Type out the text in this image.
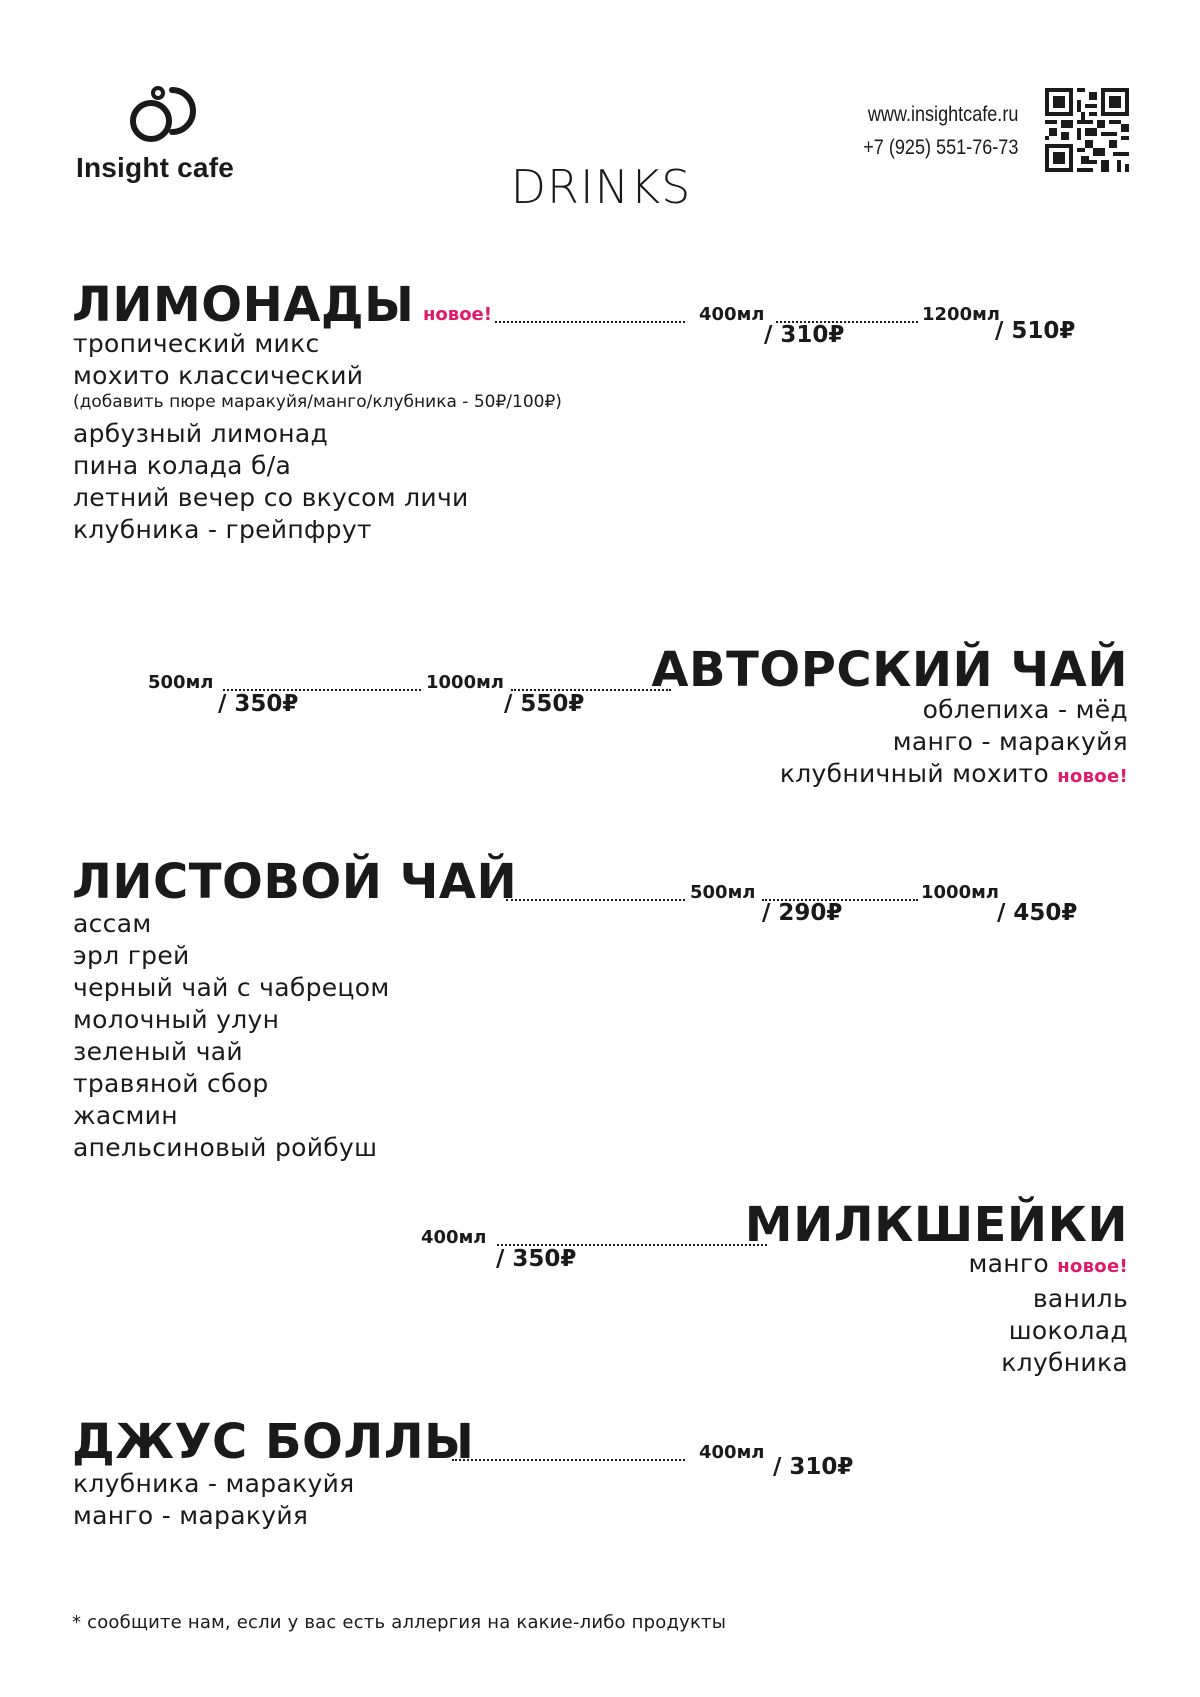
Insight cafe	DRINKS
www.insightcafe.ru
+7 (925) 551-76-73
ЛИМОНАДЫ новое!	400мл	1200мл
/ 310₽	/ 510₽
тропический микс
мохито классический
(добавить пюре маракуйя/манго/клубника - 50₽/100₽)
арбузный лимонад
пина колада б/а
летний вечер со вкусом личи
клубника - грейпфрут
500мл	1000мл
/ 350₽	/ 550₽
АВТОРСКИЙ ЧАЙ
облепиха - мёд
манго - маракуйя
клубничный мохито новое!
ЛИСТОВОЙ ЧАЙ	500мл	1000мл
/ 290₽	/ 450₽
ассам
эрл грей
черный чай с чабрецом
молочный улун
зеленый чай
травяной сбор
жасмин
апельсиновый ройбуш
400мл
/ 350₽
МИЛКШЕЙКИ
манго новое!
ваниль
шоколад
клубника
ДЖУС БОЛЛЫ	400мл
/ 310₽
клубника - маракуйя
манго - маракуйя
* сообщите нам, если у вас есть аллергия на какие-либо продукты
